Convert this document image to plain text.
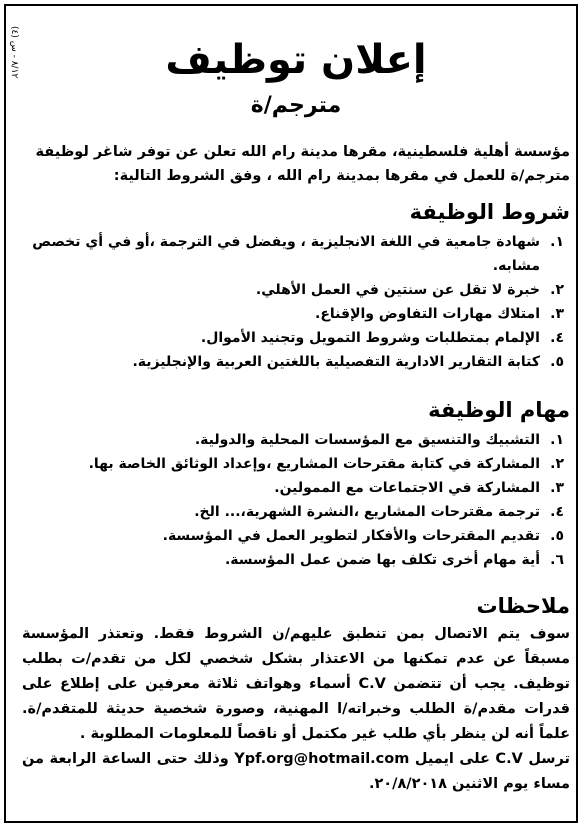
(٤) ٨/١٢ - س	إعلان توظيف
مترجم/ة
مؤسسة أهلية فلسطينية، مقرها مدينة رام الله تعلن عن توفر شاغر لوظيفة مترجم/ة للعمل في مقرها بمدينة رام الله ، وفق الشروط التالية:
شروط الوظيفة
١.
شهادة جامعية في اللغة الانجليزية ، ويفضل في الترجمة ،أو في أي تخصص مشابه.
٢.
خبرة لا تقل عن سنتين في العمل الأهلي.
٣.
امتلاك مهارات التفاوض والإقناع.
٤.
الإلمام بمتطلبات وشروط التمويل وتجنيد الأموال.
٥.
كتابة التقارير الادارية التفصيلية باللغتين العربية والإنجليزية.
مهام الوظيفة
١.
التشبيك والتنسيق مع المؤسسات المحلية والدولية.
٢.
المشاركة في كتابة مقترحات المشاريع ،وإعداد الوثائق الخاصة بها.
٣.
المشاركة في الاجتماعات مع الممولين.
٤.
ترجمة مقترحات المشاريع ،النشرة الشهرية،... الخ.
٥.
تقديم المقترحات والأفكار لتطوير العمل في المؤسسة.
٦.
أية مهام أخرى تكلف بها ضمن عمل المؤسسة.
ملاحظات

سوف يتم الاتصال بمن تنطبق عليهم/ن الشروط فقط. وتعتذر المؤسسة مسبقاً عن عدم تمكنها من الاعتذار بشكل شخصي لكل من تقدم/ت بطلب توظيف. يجب أن تتضمن C.V أسماء وهواتف ثلاثة معرفين على إطلاع على قدرات مقدم/ة الطلب وخبراته/ا المهنية، وصورة شخصية حديثة للمتقدم/ة. علماً أنه لن ينظر بأي طلب غير مكتمل أو ناقصاً للمعلومات المطلوبة .

ترسل C.V على ايميل Ypf.org@hotmail.com وذلك حتى الساعة الرابعة من مساء يوم الاثنين ٢٠/٨/٢٠١٨.
